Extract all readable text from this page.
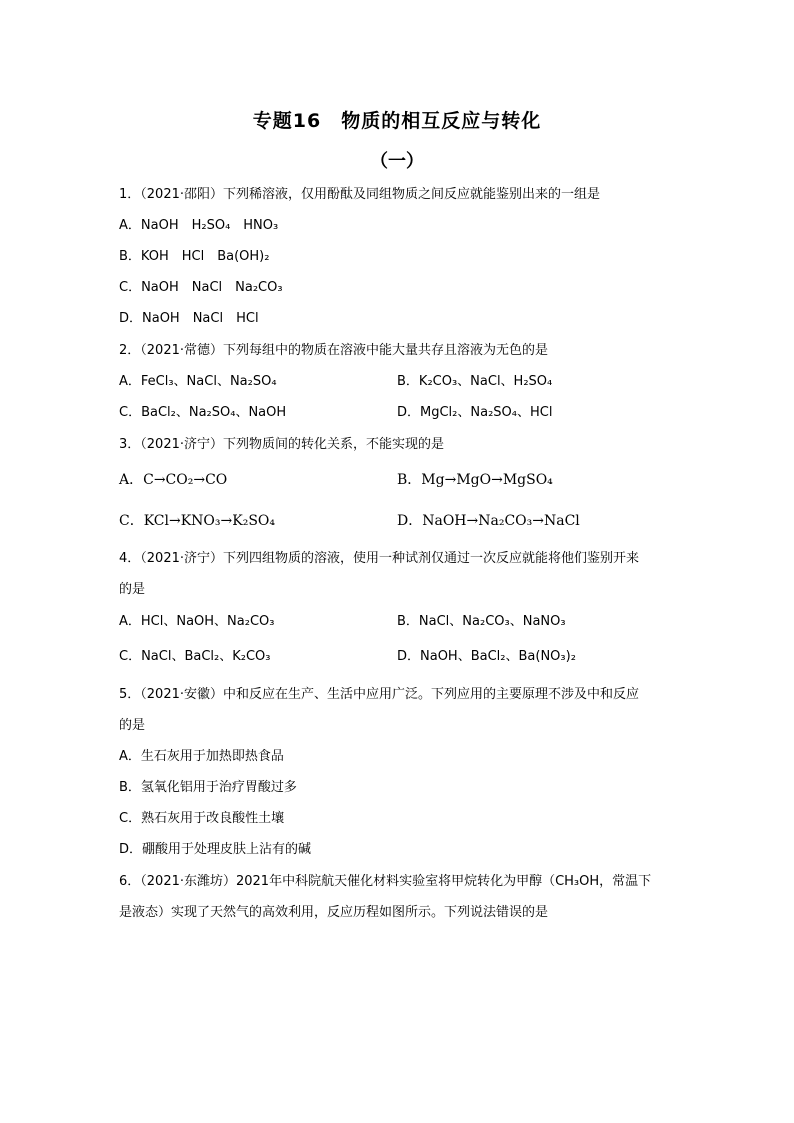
专题16　物质的相互反应与转化
（一）
1．（2021·邵阳）下列稀溶液，仅用酚酞及同组物质之间反应就能鉴别出来的一组是
A．NaOH　H₂SO₄　HNO₃
B．KOH　HCl　Ba(OH)₂
C．NaOH　NaCl　Na₂CO₃
D．NaOH　NaCl　HCl
2．（2021·常德）下列每组中的物质在溶液中能大量共存且溶液为无色的是
A．FeCl₃、NaCl、Na₂SO₄	B．K₂CO₃、NaCl、H₂SO₄
C．BaCl₂、Na₂SO₄、NaOH	D．MgCl₂、Na₂SO₄、HCl
3．（2021·济宁）下列物质间的转化关系，不能实现的是
A．C→CO₂→CO	B．Mg→MgO→MgSO₄
C．KCl→KNO₃→K₂SO₄	D．NaOH→Na₂CO₃→NaCl
4．（2021·济宁）下列四组物质的溶液，使用一种试剂仅通过一次反应就能将他们鉴别开来
的是
A．HCl、NaOH、Na₂CO₃	B．NaCl、Na₂CO₃、NaNO₃
C．NaCl、BaCl₂、K₂CO₃	D．NaOH、BaCl₂、Ba(NO₃)₂
5．（2021·安徽）中和反应在生产、生活中应用广泛。下列应用的主要原理不涉及中和反应
的是
A．生石灰用于加热即热食品
B．氢氧化铝用于治疗胃酸过多
C．熟石灰用于改良酸性土壤
D．硼酸用于处理皮肤上沾有的碱
6．（2021·东潍坊）2021年中科院航天催化材料实验室将甲烷转化为甲醇（CH₃OH，常温下
是液态）实现了天然气的高效利用，反应历程如图所示。下列说法错误的是
